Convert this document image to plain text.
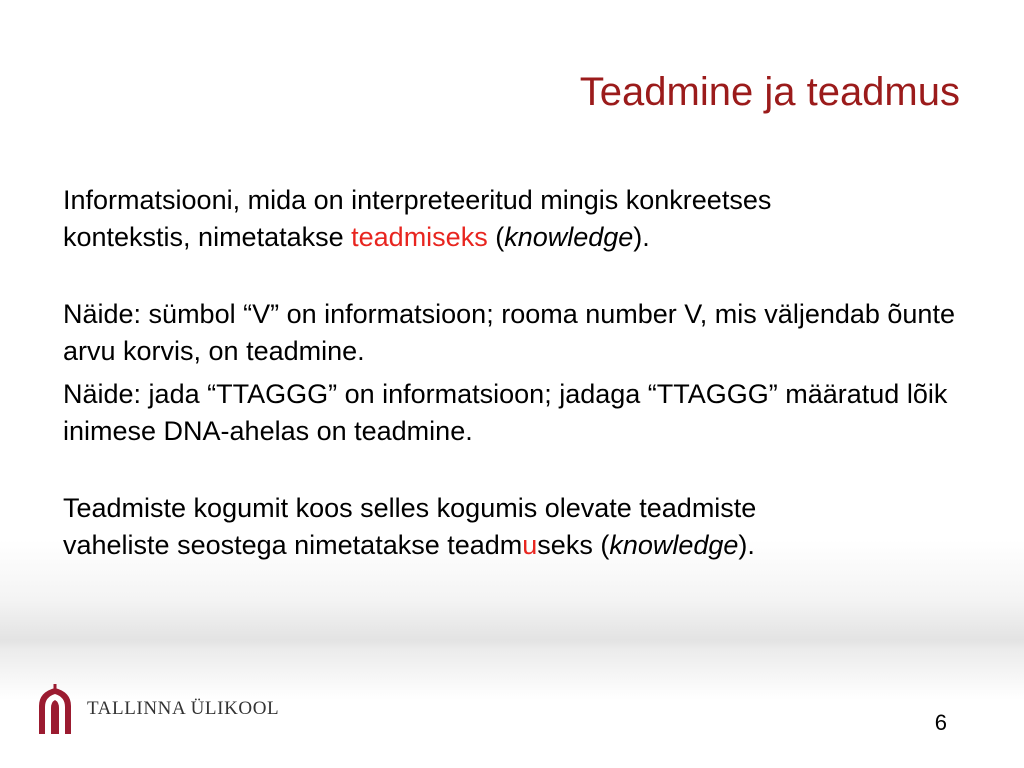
Teadmine ja teadmus

Informatsiooni, mida on interpreteeritud mingis konkreetses
kontekstis, nimetatakse teadmiseks (knowledge).

Näide: sümbol “V” on informatsioon; rooma number V, mis väljendab õunte arvu korvis, on teadmine.

Näide: jada “TTAGGG” on informatsioon; jadaga “TTAGGG” määratud lõik inimese DNA-ahelas on teadmine.

Teadmiste kogumit koos selles kogumis olevate teadmiste
vaheliste seostega nimetatakse teadmuseks (knowledge).

TALLINNA ÜLIKOOL
6
